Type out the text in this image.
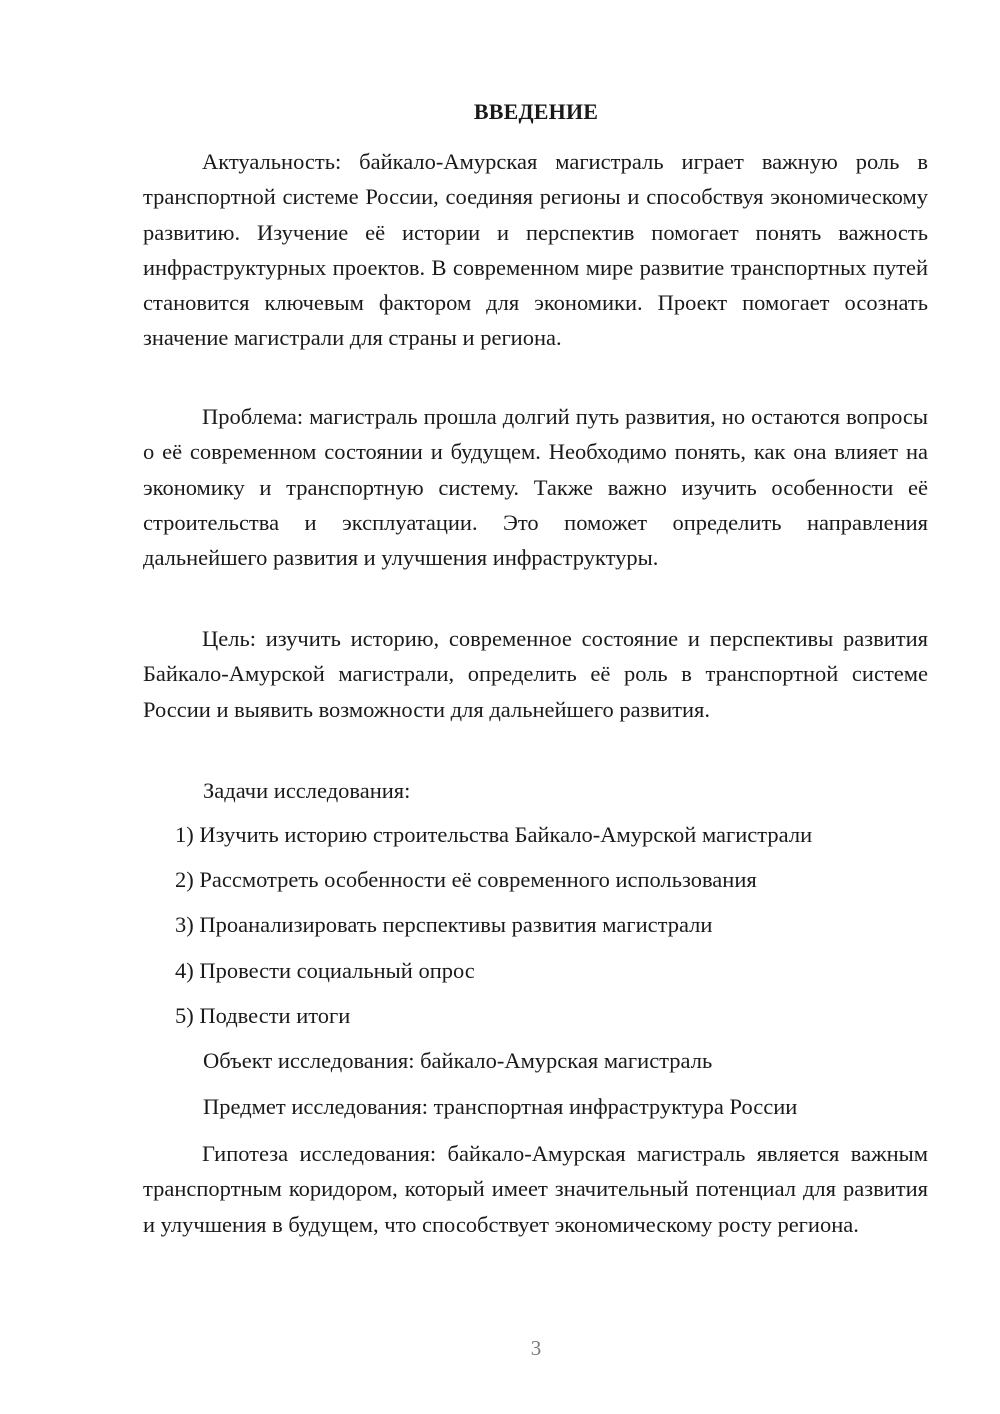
ВВЕДЕНИЕ

Актуальность: байкало-Амурская магистраль играет важную роль в транспортной системе России, соединяя регионы и способствуя экономическому развитию. Изучение её истории и перспектив помогает понять важность инфраструктурных проектов. В современном мире развитие транспортных путей становится ключевым фактором для экономики. Проект помогает осознать значение магистрали для страны и региона.

Проблема: магистраль прошла долгий путь развития, но остаются вопросы о её современном состоянии и будущем. Необходимо понять, как она влияет на экономику и транспортную систему. Также важно изучить особенности её строительства и эксплуатации. Это поможет определить направления дальнейшего развития и улучшения инфраструктуры.

Цель: изучить историю, современное состояние и перспективы развития Байкало-Амурской магистрали, определить её роль в транспортной системе России и выявить возможности для дальнейшего развития.

Задачи исследования:

1) Изучить историю строительства Байкало-Амурской магистрали

2) Рассмотреть особенности её современного использования

3) Проанализировать перспективы развития магистрали

4) Провести социальный опрос

5) Подвести итоги

Объект исследования: байкало-Амурская магистраль

Предмет исследования: транспортная инфраструктура России

Гипотеза исследования: байкало-Амурская магистраль является важным транспортным коридором, который имеет значительный потенциал для развития и улучшения в будущем, что способствует экономическому росту региона.

3
